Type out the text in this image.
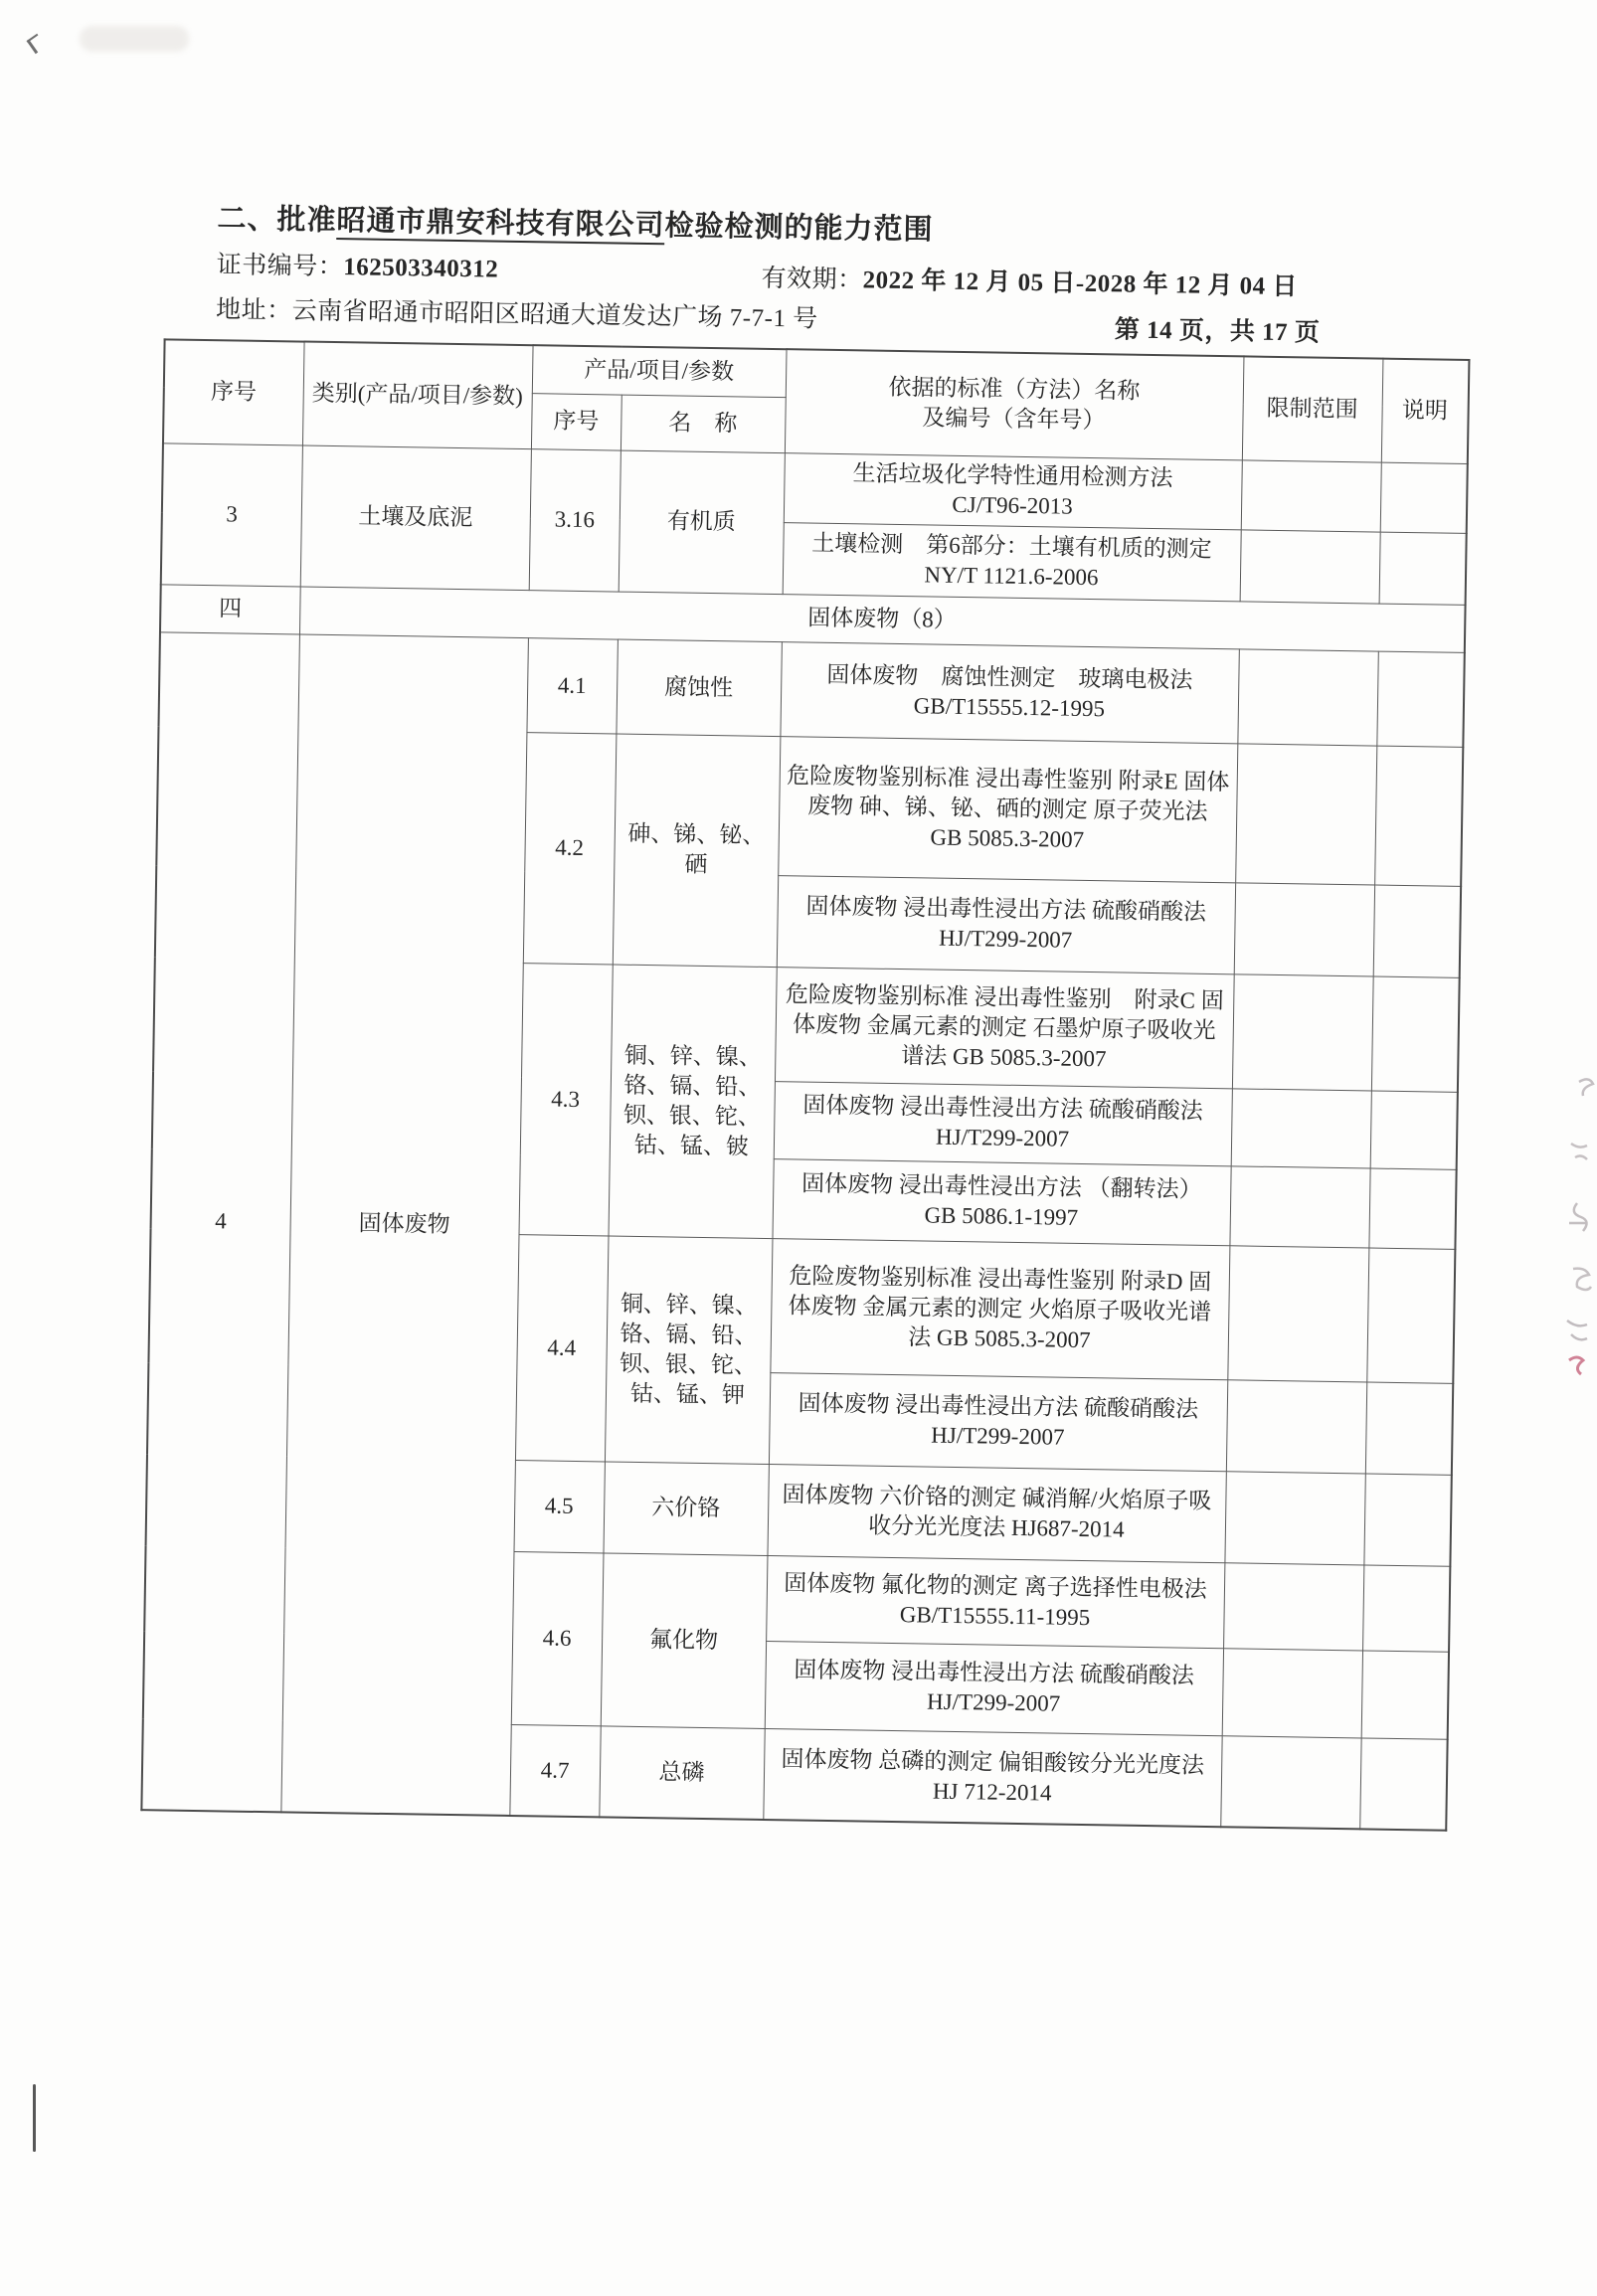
二、批准昭通市鼎安科技有限公司检验检测的能力范围
证书编号：162503340312	有效期：2022 年 12 月 05 日-2028 年 12 月 04 日
地址：云南省昭通市昭阳区昭通大道发达广场 7-7-1 号	第 14 页，共 17 页
序号	类别(产品/项目/参数)	产品/项目/参数		依据的标准（方法）名称
及编号（含年号）	限制范围	说明
		序号	名　称			
3	土壤及底泥	3.16	有机质	生活垃圾化学特性通用检测方法
CJ/T96-2013		
				土壤检测　第6部分：土壤有机质的测定
NY/T 1121.6-2006		
四	固体废物（8）					
4	固体废物	4.1	腐蚀性	固体废物　腐蚀性测定　玻璃电极法
GB/T15555.12-1995		
		4.2	砷、锑、铋、硒	危险废物鉴别标准 浸出毒性鉴别 附录E 固体废物 砷、锑、铋、硒的测定 原子荧光法
GB 5085.3-2007		
				固体废物 浸出毒性浸出方法 硫酸硝酸法 HJ/T299-2007		
		4.3	铜、锌、镍、铬、镉、铅、钡、银、铊、钴、锰、铍	危险废物鉴别标准 浸出毒性鉴别　附录C 固体废物 金属元素的测定 石墨炉原子吸收光谱法 GB 5085.3-2007		
				固体废物 浸出毒性浸出方法 硫酸硝酸法 HJ/T299-2007		
				固体废物 浸出毒性浸出方法 （翻转法）
GB 5086.1-1997		
		4.4	铜、锌、镍、铬、镉、铅、钡、银、铊、钴、锰、钾	危险废物鉴别标准 浸出毒性鉴别 附录D 固体废物 金属元素的测定 火焰原子吸收光谱法 GB 5085.3-2007		
				固体废物 浸出毒性浸出方法 硫酸硝酸法 HJ/T299-2007		
		4.5	六价铬	固体废物 六价铬的测定 碱消解/火焰原子吸收分光光度法 HJ687-2014		
		4.6	氟化物	固体废物 氟化物的测定 离子选择性电极法 GB/T15555.11-1995		
				固体废物 浸出毒性浸出方法 硫酸硝酸法 HJ/T299-2007		
		4.7	总磷	固体废物 总磷的测定 偏钼酸铵分光光度法 HJ 712-2014		
